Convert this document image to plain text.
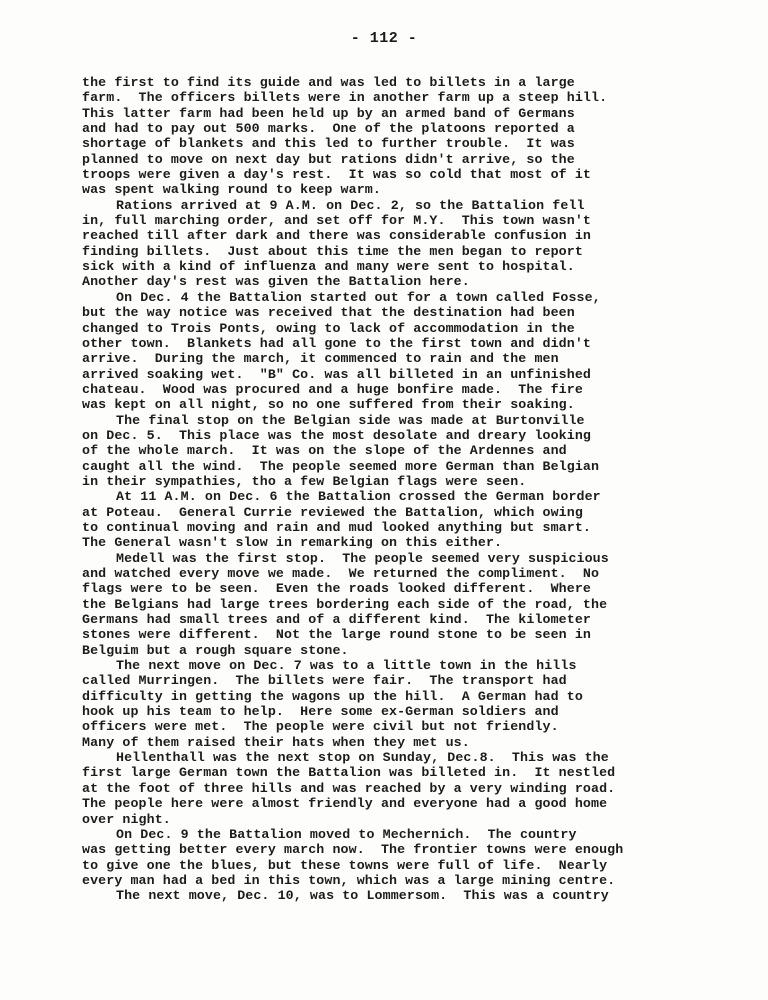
- 112 -
the first to find its guide and was led to billets in a large
farm.  The officers billets were in another farm up a steep hill.
This latter farm had been held up by an armed band of Germans
and had to pay out 500 marks.  One of the platoons reported a
shortage of blankets and this led to further trouble.  It was
planned to move on next day but rations didn't arrive, so the
troops were given a day's rest.  It was so cold that most of it
was spent walking round to keep warm.
Rations arrived at 9 A.M. on Dec. 2, so the Battalion fell
in, full marching order, and set off for M.Y.  This town wasn't
reached till after dark and there was considerable confusion in
finding billets.  Just about this time the men began to report
sick with a kind of influenza and many were sent to hospital.
Another day's rest was given the Battalion here.
On Dec. 4 the Battalion started out for a town called Fosse,
but the way notice was received that the destination had been
changed to Trois Ponts, owing to lack of accommodation in the
other town.  Blankets had all gone to the first town and didn't
arrive.  During the march, it commenced to rain and the men
arrived soaking wet.  "B" Co. was all billeted in an unfinished
chateau.  Wood was procured and a huge bonfire made.  The fire
was kept on all night, so no one suffered from their soaking.
The final stop on the Belgian side was made at Burtonville
on Dec. 5.  This place was the most desolate and dreary looking
of the whole march.  It was on the slope of the Ardennes and
caught all the wind.  The people seemed more German than Belgian
in their sympathies, tho a few Belgian flags were seen.
At 11 A.M. on Dec. 6 the Battalion crossed the German border
at Poteau.  General Currie reviewed the Battalion, which owing
to continual moving and rain and mud looked anything but smart.
The General wasn't slow in remarking on this either.
Medell was the first stop.  The people seemed very suspicious
and watched every move we made.  We returned the compliment.  No
flags were to be seen.  Even the roads looked different.  Where
the Belgians had large trees bordering each side of the road, the
Germans had small trees and of a different kind.  The kilometer
stones were different.  Not the large round stone to be seen in
Belguim but a rough square stone.
The next move on Dec. 7 was to a little town in the hills
called Murringen.  The billets were fair.  The transport had
difficulty in getting the wagons up the hill.  A German had to
hook up his team to help.  Here some ex-German soldiers and
officers were met.  The people were civil but not friendly.
Many of them raised their hats when they met us.
Hellenthall was the next stop on Sunday, Dec.8.  This was the
first large German town the Battalion was billeted in.  It nestled
at the foot of three hills and was reached by a very winding road.
The people here were almost friendly and everyone had a good home
over night.
On Dec. 9 the Battalion moved to Mechernich.  The country
was getting better every march now.  The frontier towns were enough
to give one the blues, but these towns were full of life.  Nearly
every man had a bed in this town, which was a large mining centre.
The next move, Dec. 10, was to Lommersom.  This was a country
